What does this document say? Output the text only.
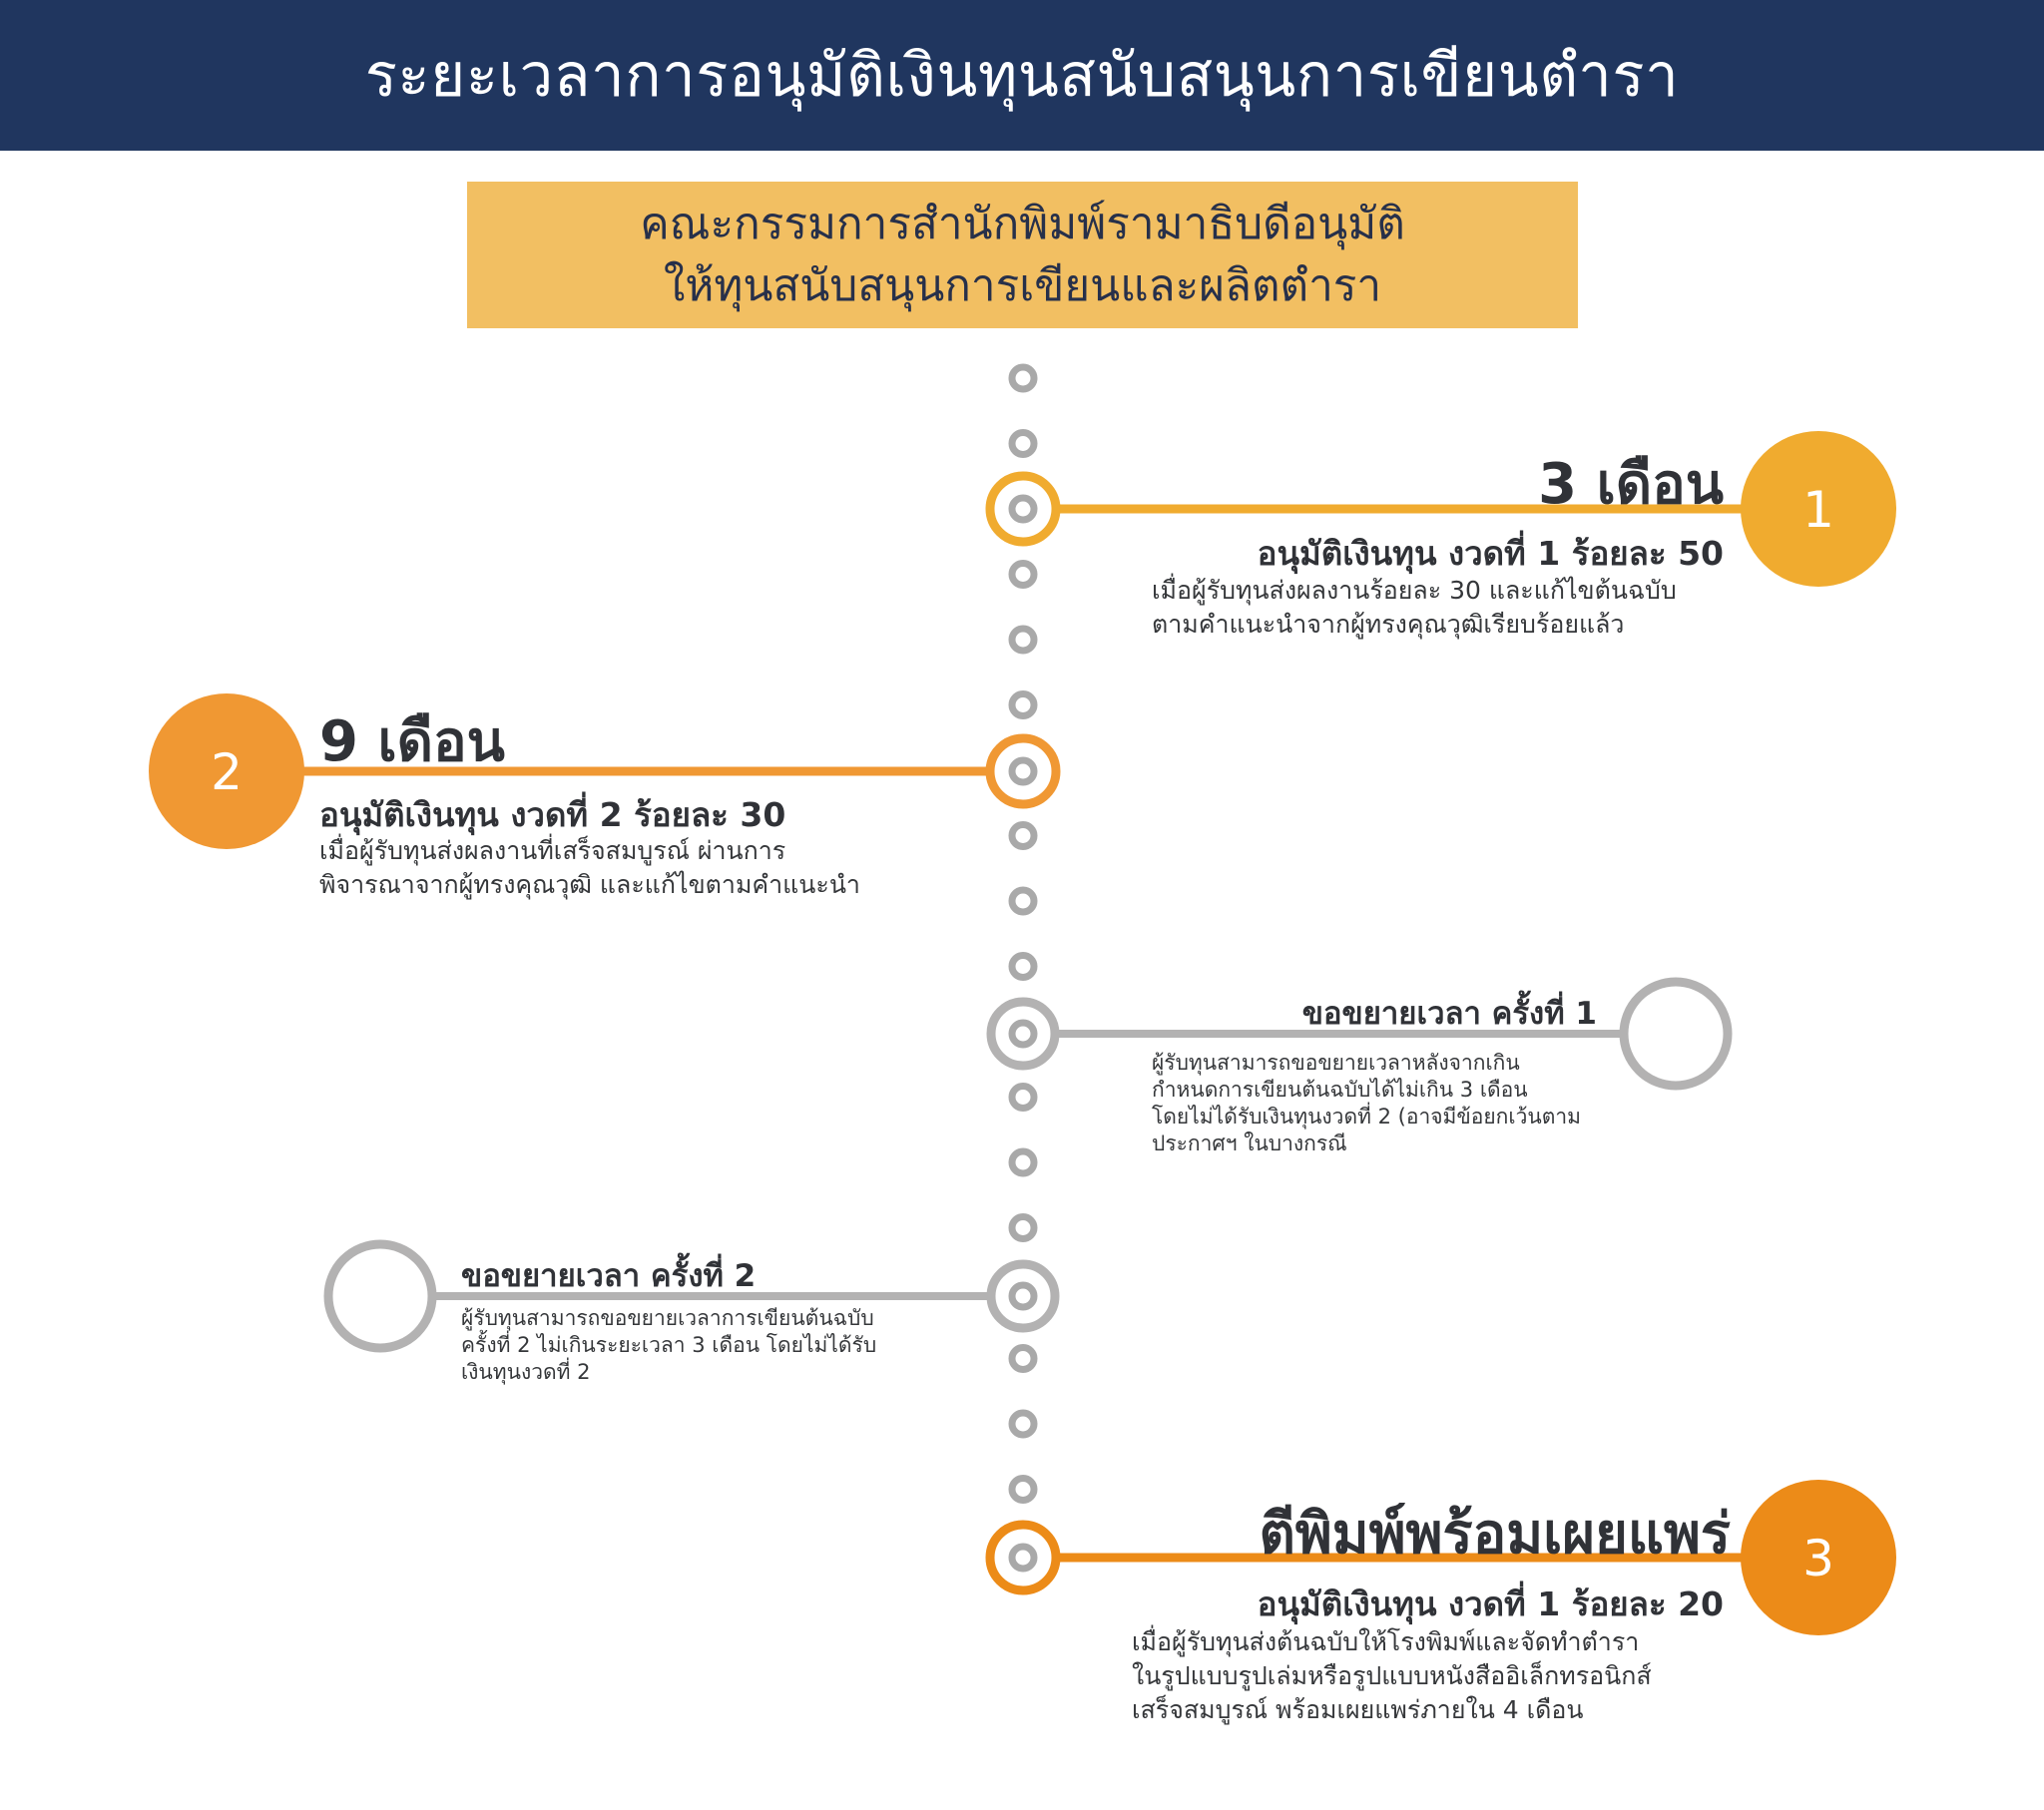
ระยะเวลาการอนุมัติเงินทุนสนับสนุนการเขียนตำรา
คณะกรรมการสำนักพิมพ์รามาธิบดีอนุมัติ
ให้ทุนสนับสนุนการเขียนและผลิตตำรา
1
2
3
3 เดือน
อนุมัติเงินทุน งวดที่ 1 ร้อยละ 50
เมื่อผู้รับทุนส่งผลงานร้อยละ 30 และแก้ไขต้นฉบับ
ตามคำแนะนำจากผู้ทรงคุณวุฒิเรียบร้อยแล้ว
9 เดือน
อนุมัติเงินทุน งวดที่ 2 ร้อยละ 30
เมื่อผู้รับทุนส่งผลงานที่เสร็จสมบูรณ์ ผ่านการ
พิจารณาจากผู้ทรงคุณวุฒิ และแก้ไขตามคำแนะนำ
ขอขยายเวลา ครั้งที่ 1
ผู้รับทุนสามารถขอขยายเวลาหลังจากเกิน
กำหนดการเขียนต้นฉบับได้ไม่เกิน 3 เดือน
โดยไม่ได้รับเงินทุนงวดที่ 2 (อาจมีข้อยกเว้นตาม
ประกาศฯ ในบางกรณี
ขอขยายเวลา ครั้งที่ 2
ผู้รับทุนสามารถขอขยายเวลาการเขียนต้นฉบับ
ครั้งที่ 2 ไม่เกินระยะเวลา 3 เดือน โดยไม่ได้รับ
เงินทุนงวดที่ 2
ตีพิมพ์พร้อมเผยแพร่
อนุมัติเงินทุน งวดที่ 1 ร้อยละ 20
เมื่อผู้รับทุนส่งต้นฉบับให้โรงพิมพ์และจัดทำตำรา
ในรูปแบบรูปเล่มหรือรูปแบบหนังสืออิเล็กทรอนิกส์
เสร็จสมบูรณ์ พร้อมเผยแพร่ภายใน 4 เดือน
